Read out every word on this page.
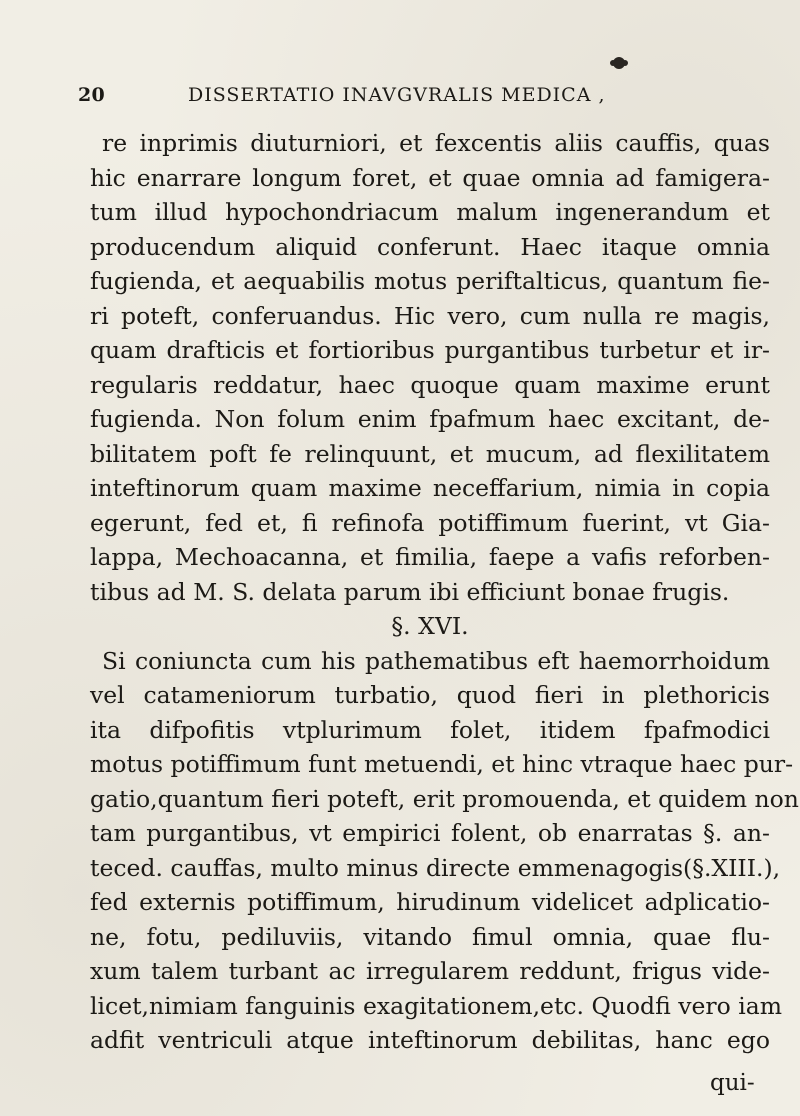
20	DISSERTATIO INAVGVRALIS MEDICA ,
re inprimis diuturniori, et fexcentis aliis cauffis, quas
hic enarrare longum foret, et quae omnia ad famigera-
tum illud hypochondriacum malum ingenerandum et
producendum aliquid conferunt. Haec itaque omnia
fugienda, et aequabilis motus periftalticus, quantum fie-
ri poteft, conferuandus. Hic vero, cum nulla re magis,
quam drafticis et fortioribus purgantibus turbetur et ir-
regularis reddatur, haec quoque quam maxime erunt
fugienda. Non folum enim fpafmum haec excitant, de-
bilitatem poft fe relinquunt, et mucum, ad flexilitatem
inteftinorum quam maxime neceffarium, nimia in copia
egerunt, fed et, fi refinofa potiffimum fuerint, vt Gia-
lappa, Mechoacanna, et fimilia, faepe a vafis reforben-
tibus ad M. S. delata parum ibi efficiunt bonae frugis.
§. XVI.
Si coniuncta cum his pathematibus eft haemorrhoidum
vel catameniorum turbatio, quod fieri in plethoricis
ita difpofitis vtplurimum folet, itidem fpafmodici
motus potiffimum funt metuendi, et hinc vtraque haec pur-
gatio,quantum fieri poteft, erit promouenda, et quidem non
tam purgantibus, vt empirici folent, ob enarratas §. an-
teced. cauffas, multo minus directe emmenagogis(§.XIII.),
fed externis potiffimum, hirudinum videlicet adplicatio-
ne, fotu, pediluviis, vitando fimul omnia, quae flu-
xum talem turbant ac irregularem reddunt, frigus vide-
licet,nimiam fanguinis exagitationem,etc. Quodfi vero iam
adfit ventriculi atque inteftinorum debilitas, hanc ego
qui-
